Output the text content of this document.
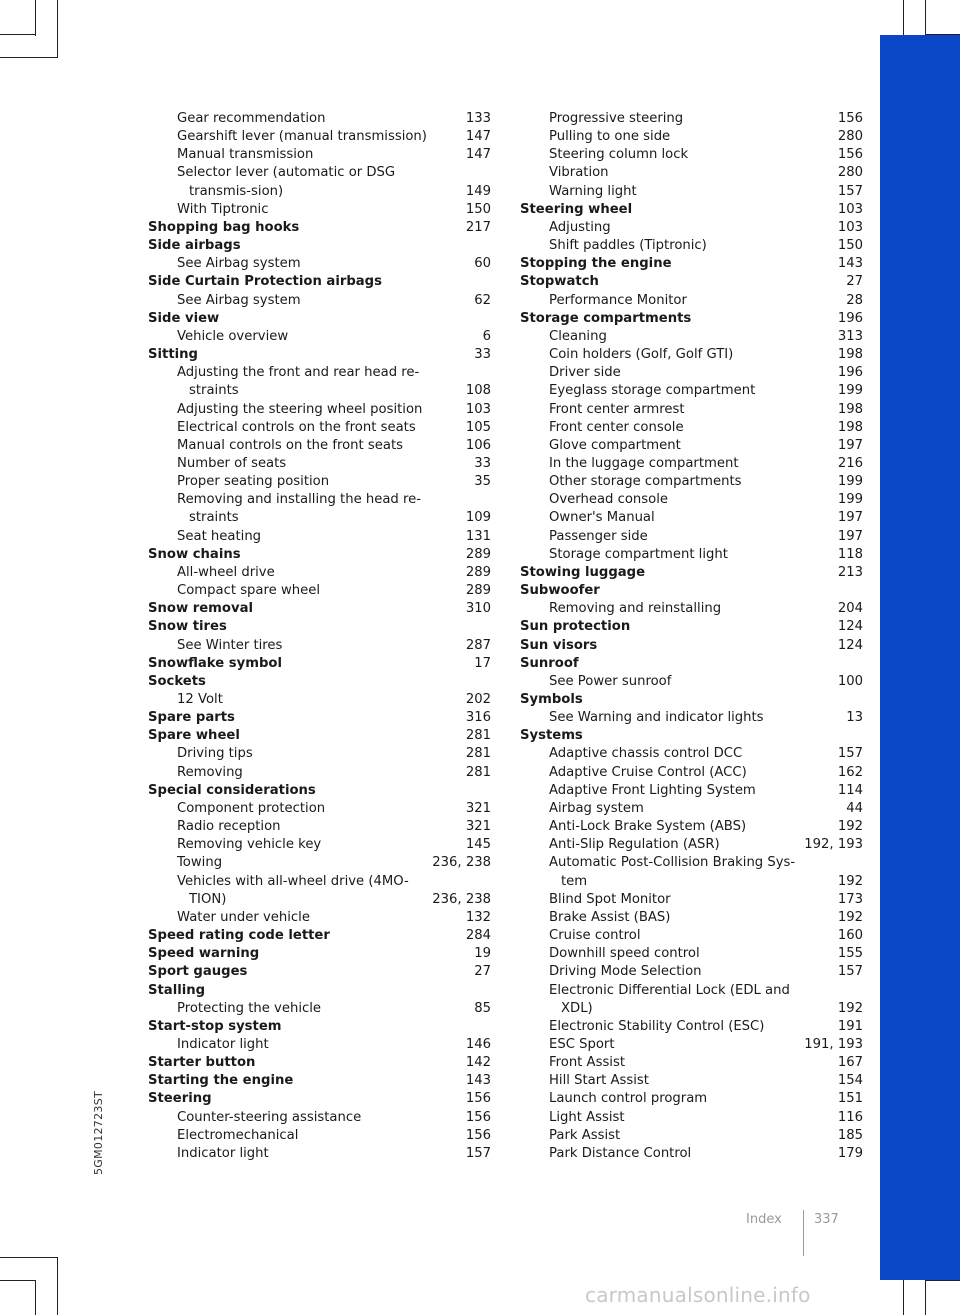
Gear recommendation	133
Gearshift lever (manual transmission)	147
Manual transmission	147
Selector lever (automatic or DSG transmis-sion)	149
With Tiptronic	150
Shopping bag hooks	217
Side airbags
See Airbag system	60
Side Curtain Protection airbags
See Airbag system	62
Side view
Vehicle overview	6
Sitting	33
Adjusting the front and rear head re-straints	108
Adjusting the steering wheel position	103
Electrical controls on the front seats	105
Manual controls on the front seats	106
Number of seats	33
Proper seating position	35
Removing and installing the head re-straints	109
Seat heating	131
Snow chains	289
All-wheel drive	289
Compact spare wheel	289
Snow removal	310
Snow tires
See Winter tires	287
Snowflake symbol	17
Sockets
12 Volt	202
Spare parts	316
Spare wheel	281
Driving tips	281
Removing	281
Special considerations
Component protection	321
Radio reception	321
Removing vehicle key	145
Towing	236, 238
Vehicles with all-wheel drive (4MO-TION)	236, 238
Water under vehicle	132
Speed rating code letter	284
Speed warning	19
Sport gauges	27
Stalling
Protecting the vehicle	85
Start-stop system
Indicator light	146
Starter button	142
Starting the engine	143
Steering	156
Counter-steering assistance	156
Electromechanical	156
Indicator light	157
Progressive steering	156
Pulling to one side	280
Steering column lock	156
Vibration	280
Warning light	157
Steering wheel	103
Adjusting	103
Shift paddles (Tiptronic)	150
Stopping the engine	143
Stopwatch	27
Performance Monitor	28
Storage compartments	196
Cleaning	313
Coin holders (Golf, Golf GTI)	198
Driver side	196
Eyeglass storage compartment	199
Front center armrest	198
Front center console	198
Glove compartment	197
In the luggage compartment	216
Other storage compartments	199
Overhead console	199
Owner's Manual	197
Passenger side	197
Storage compartment light	118
Stowing luggage	213
Subwoofer
Removing and reinstalling	204
Sun protection	124
Sun visors	124
Sunroof
See Power sunroof	100
Symbols
See Warning and indicator lights	13
Systems
Adaptive chassis control DCC	157
Adaptive Cruise Control (ACC)	162
Adaptive Front Lighting System	114
Airbag system	44
Anti-Lock Brake System (ABS)	192
Anti-Slip Regulation (ASR)	192, 193
Automatic Post-Collision Braking Sys-tem	192
Blind Spot Monitor	173
Brake Assist (BAS)	192
Cruise control	160
Downhill speed control	155
Driving Mode Selection	157
Electronic Differential Lock (EDL and XDL)	192
Electronic Stability Control (ESC)	191
ESC Sport	191, 193
Front Assist	167
Hill Start Assist	154
Launch control program	151
Light Assist	116
Park Assist	185
Park Distance Control	179
5GM012723ST
Index 337
carmanualsonline.info
